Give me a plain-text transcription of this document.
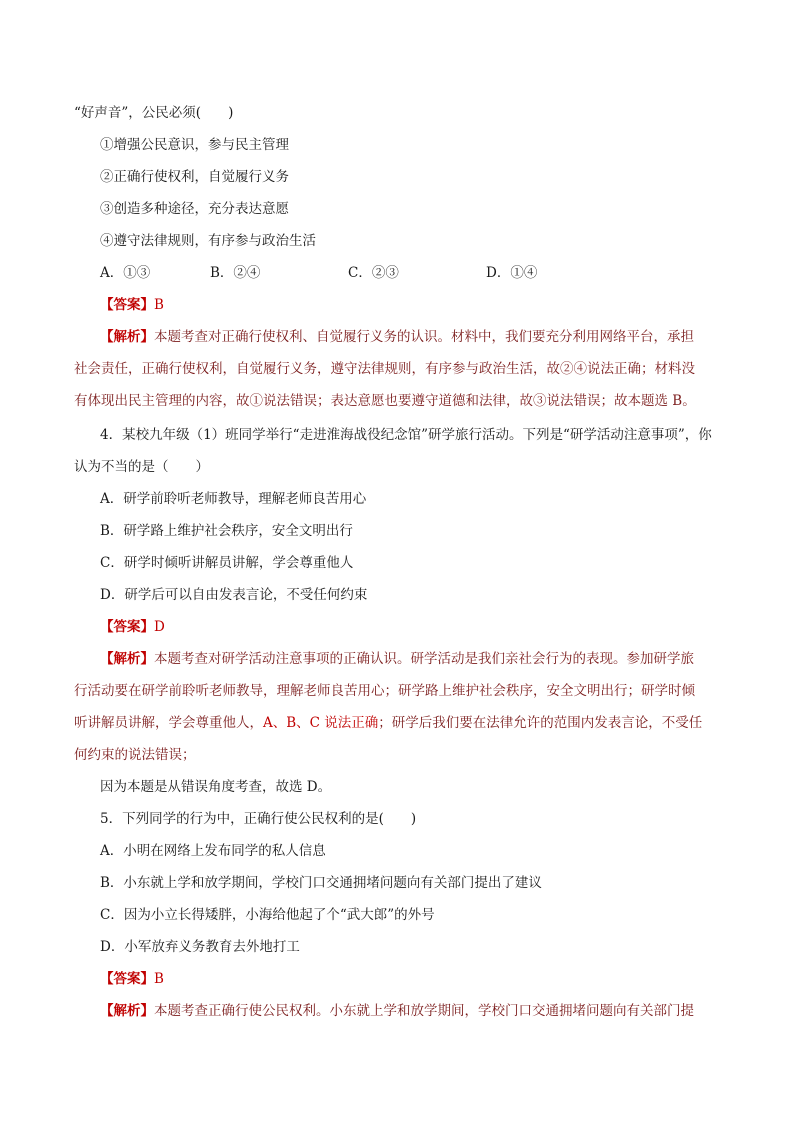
“好声音”，公民必须(　　)
①增强公民意识，参与民主管理
②正确行使权利，自觉履行义务
③创造多种途径，充分表达意愿
④遵守法律规则，有序参与政治生活
A．①③	B．②④	C．②③	D．①④
【答案】B
【解析】本题考查对正确行使权利、自觉履行义务的认识。材料中，我们要充分利用网络平台，承担
社会责任，正确行使权利，自觉履行义务，遵守法律规则，有序参与政治生活，故②④说法正确；材料没
有体现出民主管理的内容，故①说法错误；表达意愿也要遵守道德和法律，故③说法错误；故本题选 B。
4．某校九年级（1）班同学举行“走进淮海战役纪念馆”研学旅行活动。下列是“研学活动注意事项”，你
认为不当的是（　　）
A．研学前聆听老师教导，理解老师良苦用心
B．研学路上维护社会秩序，安全文明出行
C．研学时倾听讲解员讲解，学会尊重他人
D．研学后可以自由发表言论，不受任何约束
【答案】D
【解析】本题考查对研学活动注意事项的正确认识。研学活动是我们亲社会行为的表现。参加研学旅
行活动要在研学前聆听老师教导，理解老师良苦用心；研学路上维护社会秩序，安全文明出行；研学时倾
听讲解员讲解，学会尊重他人，A、B、C 说法正确；研学后我们要在法律允许的范围内发表言论，不受任
何约束的说法错误；
因为本题是从错误角度考查，故选 D。
5．下列同学的行为中，正确行使公民权利的是(　　)
A．小明在网络上发布同学的私人信息
B．小东就上学和放学期间，学校门口交通拥堵问题向有关部门提出了建议
C．因为小立长得矮胖，小海给他起了个“武大郎”的外号
D．小军放弃义务教育去外地打工
【答案】B
【解析】本题考查正确行使公民权利。小东就上学和放学期间，学校门口交通拥堵问题向有关部门提
